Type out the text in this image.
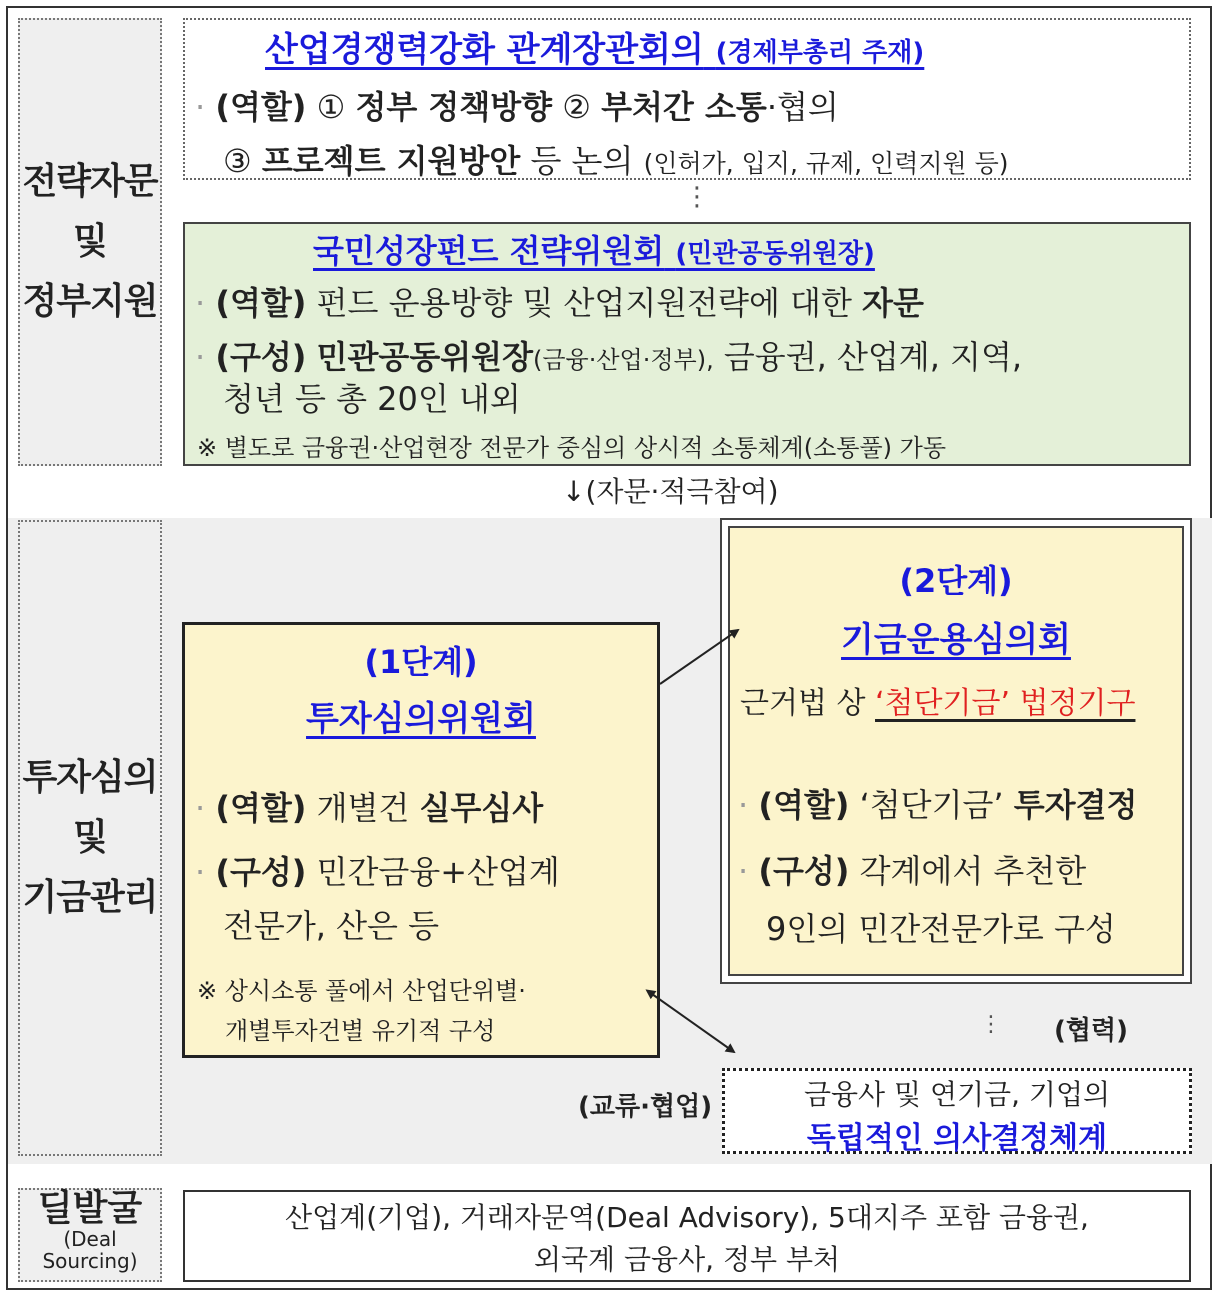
전략자문
및
정부지원
투자심의
및
기금관리
딜발굴
(Deal
Sourcing)
산업경쟁력강화 관계장관회의 (경제부총리 주재)
· (역할) ① 정부 정책방향 ② 부처간 소통·협의
③ 프로젝트 지원방안 등 논의 (인허가, 입지, 규제, 인력지원 등)
⋮
국민성장펀드 전략위원회 (민관공동위원장)
· (역할) 펀드 운용방향 및 산업지원전략에 대한 자문
· (구성) 민관공동위원장(금융·산업·정부), 금융권, 산업계, 지역,
청년 등 총 20인 내외
※ 별도로 금융권·산업현장 전문가 중심의 상시적 소통체계(소통풀) 가동
↓(자문·적극참여)
(2단계)
기금운용심의회
근거법 상 ‘첨단기금’ 법정기구
· (역할) ‘첨단기금’ 투자결정
· (구성) 각계에서 추천한
9인의 민간전문가로 구성
(1단계)
투자심의위원회
· (역할) 개별건 실무심사
· (구성) 민간금융+산업계
전문가, 산은 등
※ 상시소통 풀에서 산업단위별·
개별투자건별 유기적 구성	⋮ (협력)
(교류·협업)	금융사 및 연기금, 기업의
독립적인 의사결정체계
산업계(기업), 거래자문역(Deal Advisory), 5대지주 포함 금융권,
외국계 금융사, 정부 부처
